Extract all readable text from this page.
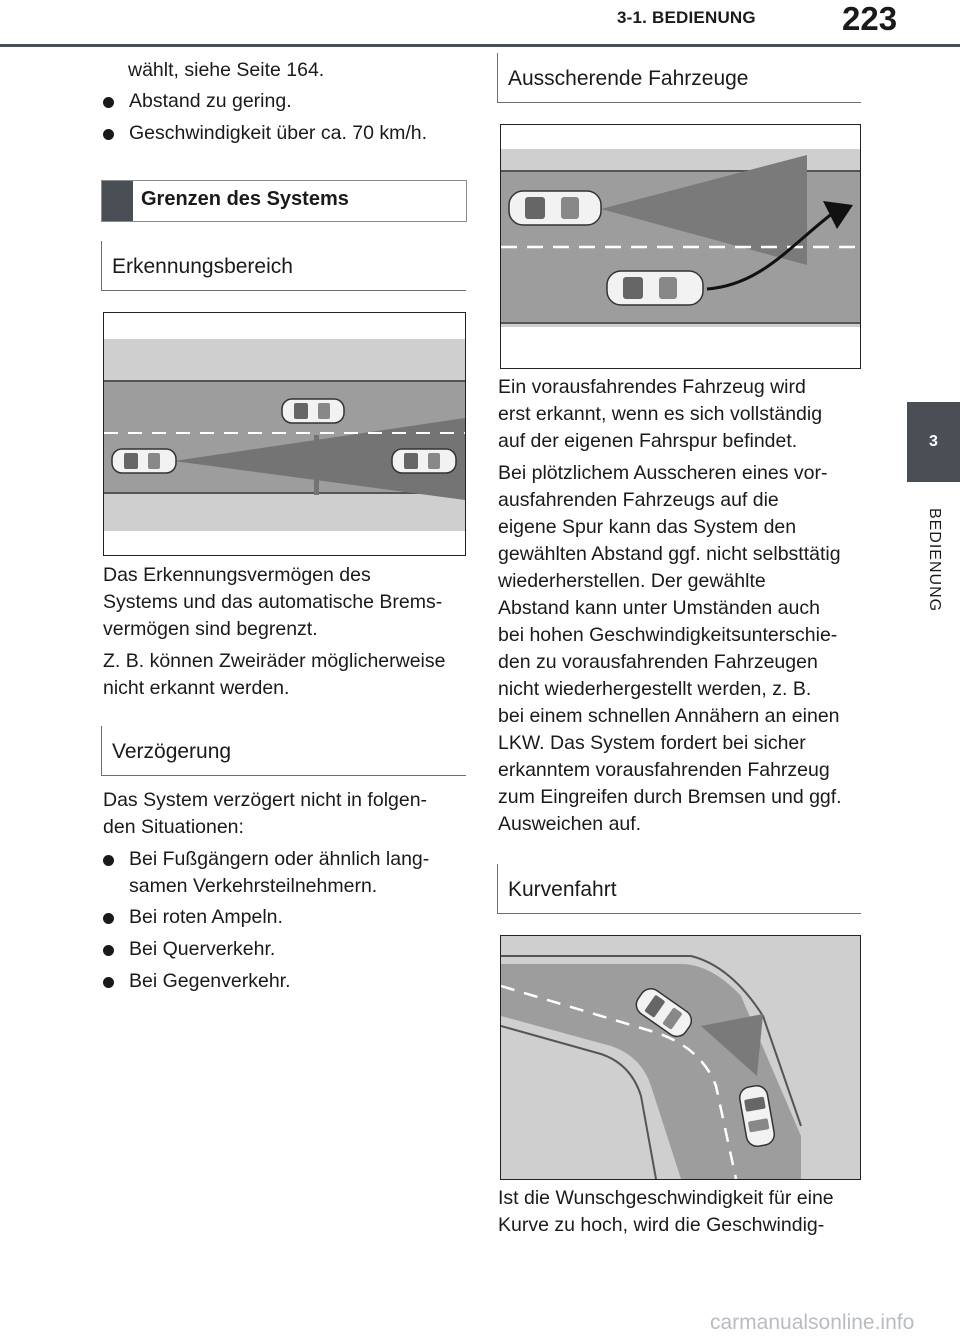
3-1. BEDIENUNG	223
3
BEDIENUNG
wählt, siehe Seite 164.
Abstand zu gering.
Geschwindigkeit über ca. 70 km/h.
Grenzen des Systems
Erkennungsbereich
Das Erkennungsvermögen des
Systems und das automatische Brems-
vermögen sind begrenzt.
Z. B. können Zweiräder möglicherweise
nicht erkannt werden.
Verzögerung
Das System verzögert nicht in folgen-
den Situationen:
Bei Fußgängern oder ähnlich lang-
samen Verkehrsteilnehmern.
Bei roten Ampeln.
Bei Querverkehr.
Bei Gegenverkehr.
Ausscherende Fahrzeuge
Ein vorausfahrendes Fahrzeug wird
erst erkannt, wenn es sich vollständig
auf der eigenen Fahrspur befindet.
Bei plötzlichem Ausscheren eines vor-
ausfahrenden Fahrzeugs auf die
eigene Spur kann das System den
gewählten Abstand ggf. nicht selbsttätig
wiederherstellen. Der gewählte
Abstand kann unter Umständen auch
bei hohen Geschwindigkeitsunterschie-
den zu vorausfahrenden Fahrzeugen
nicht wiederhergestellt werden, z. B.
bei einem schnellen Annähern an einen
LKW. Das System fordert bei sicher
erkanntem vorausfahrenden Fahrzeug
zum Eingreifen durch Bremsen und ggf.
Ausweichen auf.
Kurvenfahrt
Ist die Wunschgeschwindigkeit für eine
Kurve zu hoch, wird die Geschwindig-
carmanualsonline.info
